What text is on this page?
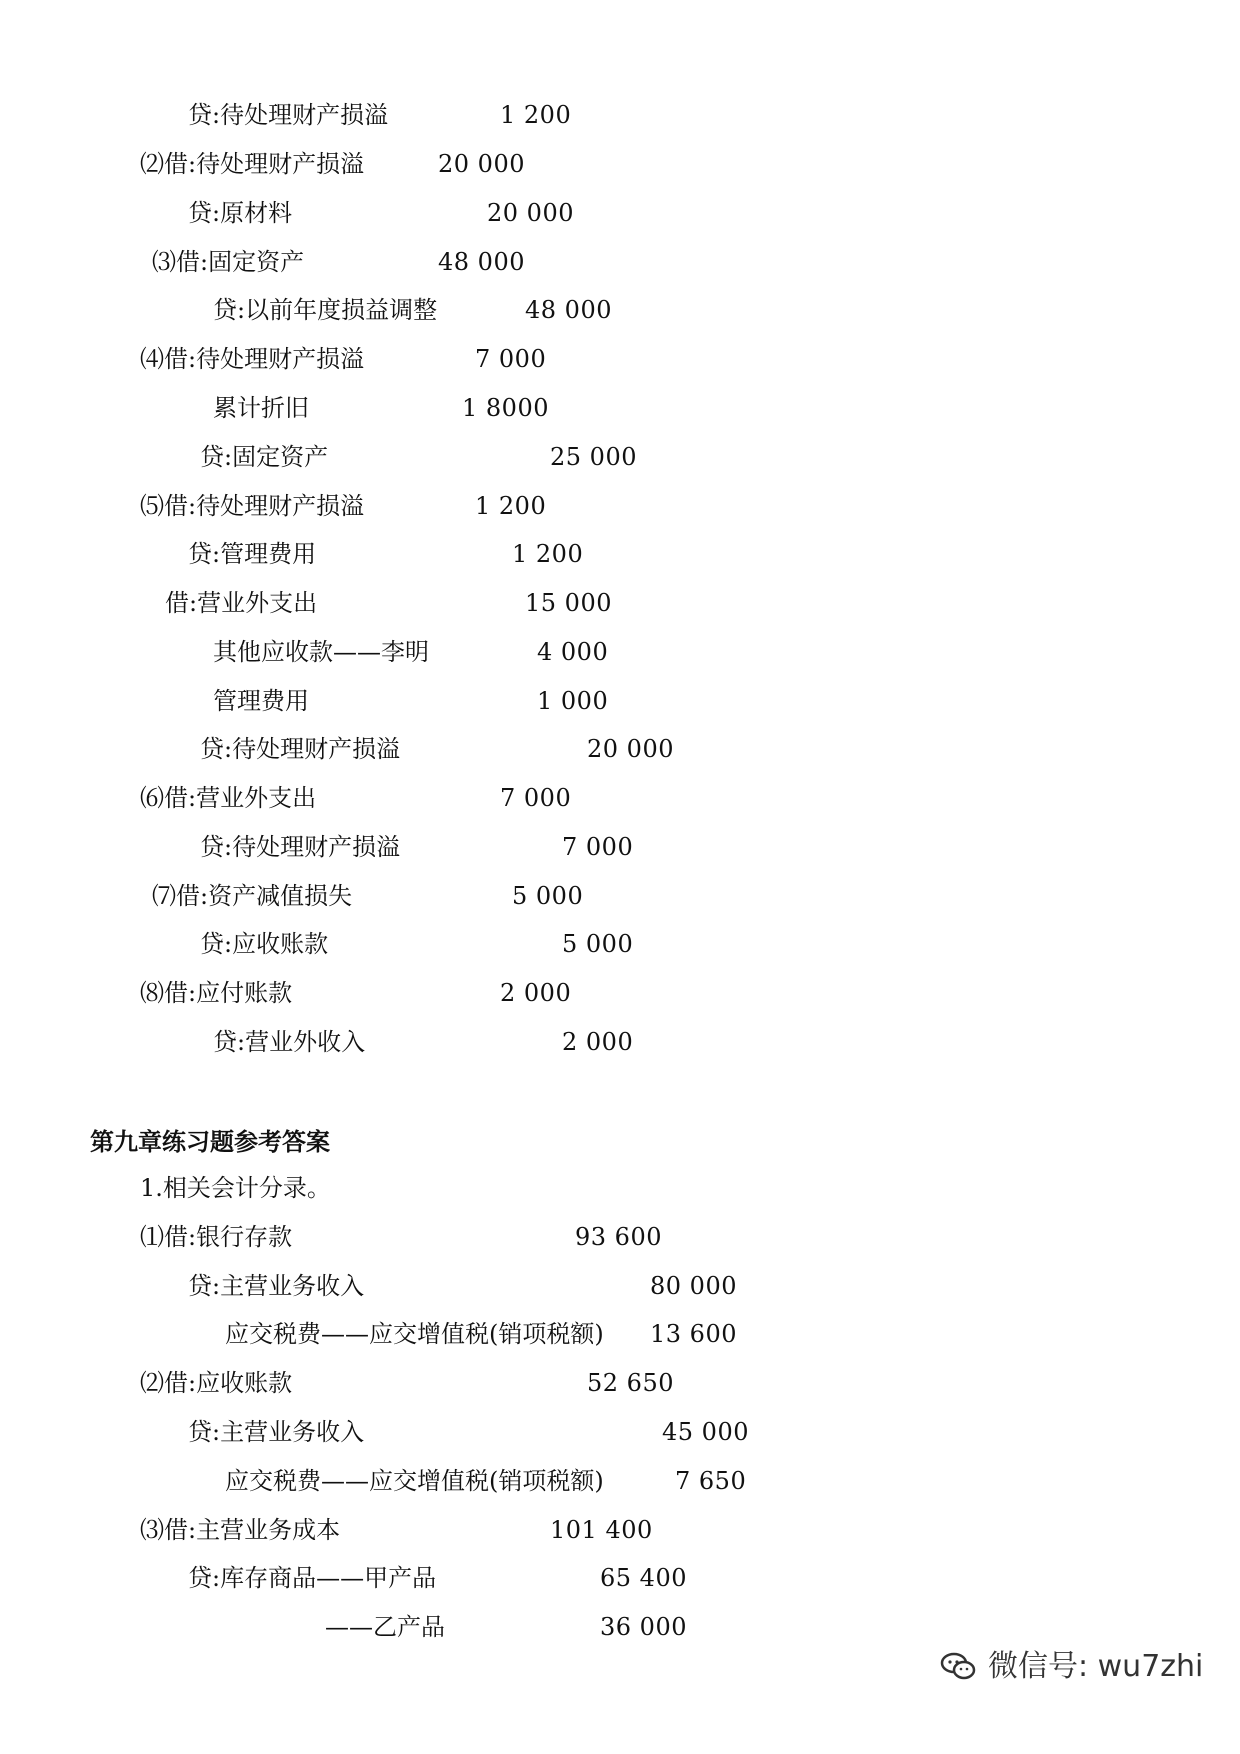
贷:待处理财产损溢	1 200
⑵借:待处理财产损溢	20 000
贷:原材料	20 000
⑶借:固定资产	48 000
贷:以前年度损益调整	48 000
⑷借:待处理财产损溢	7 000
累计折旧	1 8000
贷:固定资产	25 000
⑸借:待处理财产损溢	1 200
贷:管理费用	1 200
借:营业外支出	15 000
其他应收款——李明	4 000
管理费用	1 000
贷:待处理财产损溢	20 000
⑹借:营业外支出	7 000
贷:待处理财产损溢	7 000
⑺借:资产减值损失	5 000
贷:应收账款	5 000
⑻借:应付账款	2 000
贷:营业外收入	2 000
第九章练习题参考答案
1.相关会计分录。
⑴借:银行存款	93 600
贷:主营业务收入	80 000
应交税费——应交增值税(销项税额) 13 600
⑵借:应收账款	52 650
贷:主营业务收入	45 000
应交税费——应交增值税(销项税额)	7 650
⑶借:主营业务成本	101 400
贷:库存商品——甲产品	65 400
——乙产品	36 000
微信号: wu7zhi
